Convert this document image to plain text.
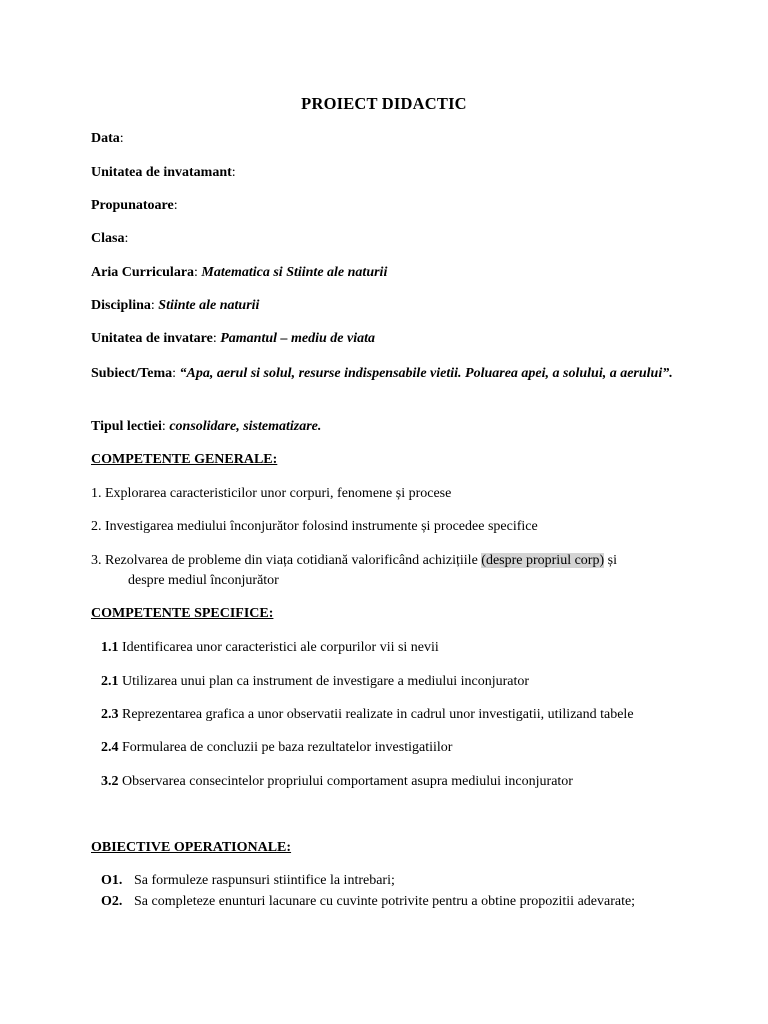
PROIECT DIDACTIC
Data:
Unitatea de invatamant:
Propunatoare:
Clasa:
Aria Curriculara: Matematica si Stiinte ale naturii
Disciplina: Stiinte ale naturii
Unitatea de invatare: Pamantul – mediu de viata
Subiect/Tema: “Apa, aerul si solul, resurse indispensabile vietii. Poluarea apei, a solului, a aerului”.
Tipul lectiei: consolidare, sistematizare.
COMPETENTE GENERALE:
1. Explorarea caracteristicilor unor corpuri, fenomene și procese
2. Investigarea mediului înconjurător folosind instrumente și procedee specifice
3. Rezolvarea de probleme din viața cotidiană valorificând achizițiile (despre propriul corp) și
despre mediul înconjurător
COMPETENTE SPECIFICE:
1.1 Identificarea unor caracteristici ale corpurilor vii si nevii
2.1 Utilizarea unui plan ca instrument de investigare a mediului inconjurator
2.3 Reprezentarea grafica a unor observatii realizate in cadrul unor investigatii, utilizand tabele
2.4 Formularea de concluzii pe baza rezultatelor investigatiilor
3.2 Observarea consecintelor propriului comportament asupra mediului inconjurator
OBIECTIVE OPERATIONALE:
O1. Sa formuleze raspunsuri stiintifice la intrebari;
O2. Sa completeze enunturi lacunare cu cuvinte potrivite pentru a obtine propozitii adevarate;
